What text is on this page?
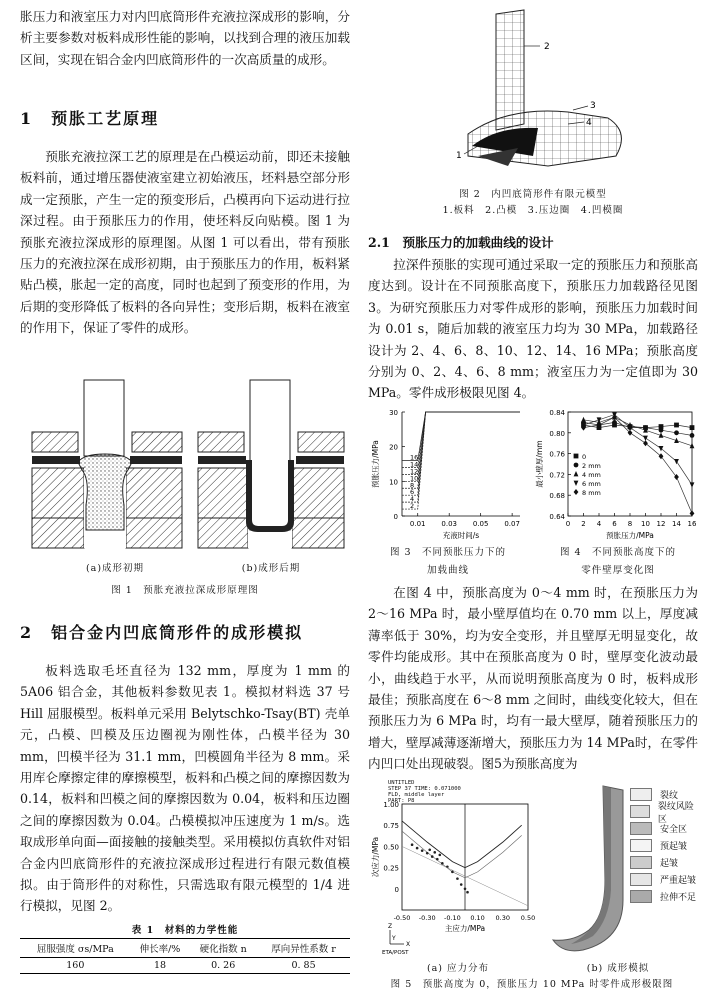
胀压力和液室压力对内凹底筒形件充液拉深成形的影响，分析主要参数对板料成形性能的影响，以找到合理的液压加载区间，实现在铝合金内凹底筒形件的一次高质量的成形。

1　预胀工艺原理

预胀充液拉深工艺的原理是在凸模运动前，即还未接触板料前，通过增压器使液室建立初始液压，坯料悬空部分形成一定预胀，产生一定的预变形后，凸模再向下运动进行拉深过程。由于预胀压力的作用，使坯料反向贴模。图 1 为预胀充液拉深成形的原理图。从图 1 可以看出，带有预胀压力的充液拉深在成形初期，由于预胀压力的作用，板料紧贴凸模，胀起一定的高度，同时也起到了预变形的作用，为后期的变形降低了板料的各向异性；变形后期，板料在液室的作用下，保证了零件的成形。

(a)成形初期	(b)成形后期
图 1　预胀充液拉深成形原理图
2　铝合金内凹底筒形件的成形模拟

板料选取毛坯直径为 132 mm，厚度为 1 mm 的 5A06 铝合金，其他板料参数见表 1。模拟材料选 37 号 Hill 屈服模型。板料单元采用 Belytschko-Tsay(BT) 壳单元，凸模、凹模及压边圈视为刚性体，凸模半径为 30 mm，凹模半径为 31.1 mm，凹模圆角半径为 8 mm。采用库仑摩擦定律的摩擦模型，板料和凸模之间的摩擦因数为 0.14，板料和凹模之间的摩擦因数为 0.04，板料和压边圈之间的摩擦因数为 0.04。凸模模拟冲压速度为 1 m/s。选取成形单向面—面接触的接触类型。采用模拟仿真软件对铝合金内凹底筒形件的充液拉深成形过程进行有限元数值模拟。由于筒形件的对称性，只需选取有限元模型的 1/4 进行模拟，见图 2。

表 1　材料的力学性能
屈服强度 σs/MPa	伸长率/%	硬化指数 n	厚向异性系数 r
160	18	0. 26	0. 85
2
3
1
4
图 2　内凹底筒形件有限元模型
1.板料　2.凸模　3.压边圈　4.凹模圈
2.1　预胀压力的加载曲线的设计

拉深件预胀的实现可通过采取一定的预胀压力和预胀高度达到。设计在不同预胀高度下，预胀压力加载路径见图 3。为研究预胀压力对零件成形的影响，预胀压力加载时间为 0.01 s，随后加载的液室压力均为 30 MPa，加载路径设计为 2、4、6、8、10、12、14、16 MPa；预胀高度分别为 0、2、4、6、8 mm；液室压力为一定值即为 30 MPa。零件成形极限见图 4。

0
10
20
30
0.01 0.03 0.05 0.07
16
14
12
10
8
6
4
2
充液时间/s
预胀压力/MPa
0.64
0.68
0.72
0.76
0.80
0.84
0 2 4 6 8 10 12 14 16
0
2 mm
4 mm
6 mm
8 mm
预胀压力/MPa
最小壁厚/mm
图 3　不同预胀压力下的
加载曲线
图 4　不同预胀高度下的
零件壁厚变化图

在图 4 中，预胀高度为 0～4 mm 时，在预胀压力为 2～16 MPa 时，最小壁厚值均在 0.70 mm 以上，厚度减薄率低于 30%，均为安全变形，并且壁厚无明显变化，故零件均能成形。其中在预胀高度为 0 时，壁厚变化波动最小，曲线趋于水平，从而说明预胀高度为 0 时，板料成形最佳；预胀高度在 6～8 mm 之间时，曲线变化较大，但在预胀压力为 6 MPa 时，均有一最大壁厚，随着预胀压力的增大，壁厚减薄逐渐增大，预胀压力为 14 MPa时，在零件内凹口处出现破裂。图5为预胀高度为

UNTITLED
STEP 37 TIME: 0.071000
FLD, middle layer
PART: P8
0
0.25
0.50
0.75
1.00
-0.50 -0.30 -0.10 0.10 0.30 0.50
主应力/MPa
次应力/MPa
Z
Y
X
ETA/POST
裂纹
裂纹风险区
安全区
预起皱
起皱
严重起皱
拉伸不足
(a) 应力分布	(b) 成形模拟
图 5　预胀高度为 0，预胀压力 10 MPa 时零件成形极限图
